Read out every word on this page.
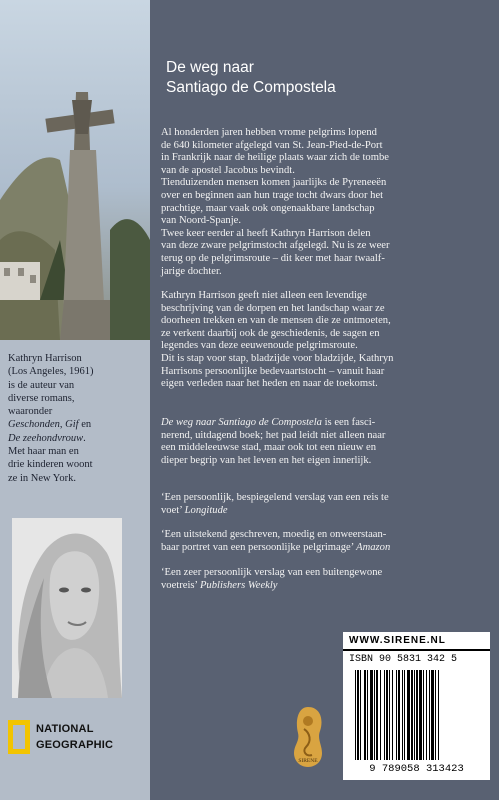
Kathryn Harrison
(Los Angeles, 1961)
is de auteur van
diverse romans,
waaronder
Geschonden, Gif en
De zeehondvrouw.
Met haar man en
drie kinderen woont
ze in New York.
NATIONAL
GEOGRAPHIC
De weg naar
Santiago de Compostela

Al honderden jaren hebben vrome pelgrims lopend

de 640 kilometer afgelegd van St. Jean-Pied-de-Port

in Frankrijk naar de heilige plaats waar zich de tombe

van de apostel Jacobus bevindt.

Tienduizenden mensen komen jaarlijks de Pyreneeën

over en beginnen aan hun trage tocht dwars door het

prachtige, maar vaak ook ongenaakbare landschap

van Noord-Spanje.

Twee keer eerder al heeft Kathryn Harrison delen

van deze zware pelgrimstocht afgelegd. Nu is ze weer

terug op de pelgrimsroute – dit keer met haar twaalf-

jarige dochter.

Kathryn Harrison geeft niet alleen een levendige

beschrijving van de dorpen en het landschap waar ze

doorheen trekken en van de mensen die ze ontmoeten,

ze verkent daarbij ook de geschiedenis, de sagen en

legendes van deze eeuwenoude pelgrimsroute.

Dit is stap voor stap, bladzijde voor bladzijde, Kathryn

Harrisons persoonlijke bedevaartstocht – vanuit haar

eigen verleden naar het heden en naar de toekomst.

De weg naar Santiago de Compostela is een fasci-

nerend, uitdagend boek; het pad leidt niet alleen naar

een middeleeuwse stad, maar ook tot een nieuw en

dieper begrip van het leven en het eigen innerlijk.

‘Een persoonlijk, bespiegelend verslag van een reis te

voet’ Longitude

‘Een uitstekend geschreven, moedig en onweerstaan-

baar portret van een persoonlijke pelgrimage’ Amazon

‘Een zeer persoonlijk verslag van een buitengewone

voetreis’ Publishers Weekly

SIRENE
WWW.SIRENE.NL
ISBN 90 5831 342 5
9 789058 313423
